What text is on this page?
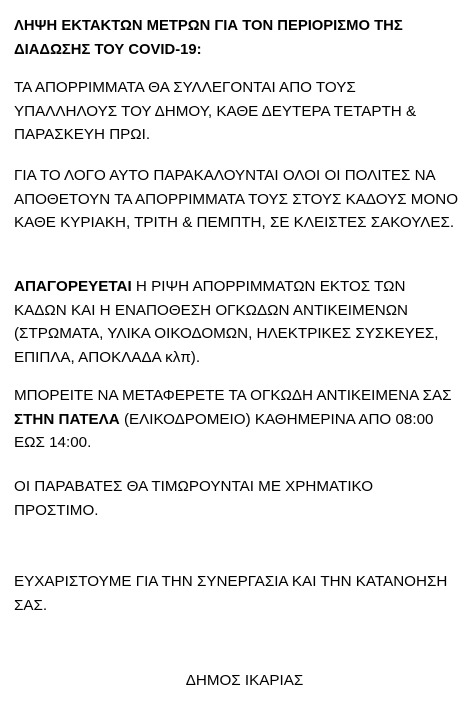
ΛΗΨΗ ΕΚΤΑΚΤΩΝ ΜΕΤΡΩΝ ΓΙΑ ΤΟΝ ΠΕΡΙΟΡΙΣΜΟ ΤΗΣ ΔΙΑΔΩΣΗΣ ΤΟΥ COVID-19:

ΤΑ ΑΠΟΡΡΙΜΜΑΤΑ ΘΑ ΣΥΛΛΕΓΟΝΤΑΙ ΑΠΟ ΤΟΥΣ ΥΠΑΛΛΗΛΟΥΣ ΤΟΥ ΔΗΜΟΥ, ΚΑΘΕ ΔΕΥΤΕΡΑ ΤΕΤΑΡΤΗ & ΠΑΡΑΣΚΕΥΗ ΠΡΩΙ.

ΓΙΑ ΤΟ ΛΟΓΟ ΑΥΤΟ ΠΑΡΑΚΑΛΟΥΝΤΑΙ ΟΛΟΙ ΟΙ ΠΟΛΙΤΕΣ ΝΑ ΑΠΟΘΕΤΟΥΝ ΤΑ ΑΠΟΡΡΙΜΜΑΤΑ ΤΟΥΣ ΣΤΟΥΣ ΚΑΔΟΥΣ ΜΟΝΟ ΚΑΘΕ ΚΥΡΙΑΚΗ, ΤΡΙΤΗ & ΠΕΜΠΤΗ, ΣΕ ΚΛΕΙΣΤΕΣ ΣΑΚΟΥΛΕΣ.

ΑΠΑΓΟΡΕΥΕΤΑΙ Η ΡΙΨΗ ΑΠΟΡΡΙΜΜΑΤΩΝ ΕΚΤΟΣ ΤΩΝ ΚΑΔΩΝ ΚΑΙ Η ΕΝΑΠΟΘΕΣΗ ΟΓΚΩΔΩΝ ΑΝΤΙΚΕΙΜΕΝΩΝ (ΣΤΡΩΜΑΤΑ, ΥΛΙΚΑ ΟΙΚΟΔΟΜΩΝ, ΗΛΕΚΤΡΙΚΕΣ ΣΥΣΚΕΥΕΣ, ΕΠΙΠΛΑ, ΑΠΟΚΛΑΔΑ κλπ).

ΜΠΟΡΕΙΤΕ ΝΑ ΜΕΤΑΦΕΡΕΤΕ ΤΑ ΟΓΚΩΔΗ ΑΝΤΙΚΕΙΜΕΝΑ ΣΑΣ ΣΤΗΝ ΠΑΤΕΛΑ (ΕΛΙΚΟΔΡΟΜΕΙΟ) ΚΑΘΗΜΕΡΙΝΑ ΑΠΟ 08:00 ΕΩΣ 14:00.

ΟΙ ΠΑΡΑΒΑΤΕΣ ΘΑ ΤΙΜΩΡΟΥΝΤΑΙ ΜΕ ΧΡΗΜΑΤΙΚΟ ΠΡΟΣΤΙΜΟ.

ΕΥΧΑΡΙΣΤΟΥΜΕ ΓΙΑ ΤΗΝ ΣΥΝΕΡΓΑΣΙΑ ΚΑΙ ΤΗΝ ΚΑΤΑΝΟΗΣΗ ΣΑΣ.

ΔΗΜΟΣ ΙΚΑΡΙΑΣ
